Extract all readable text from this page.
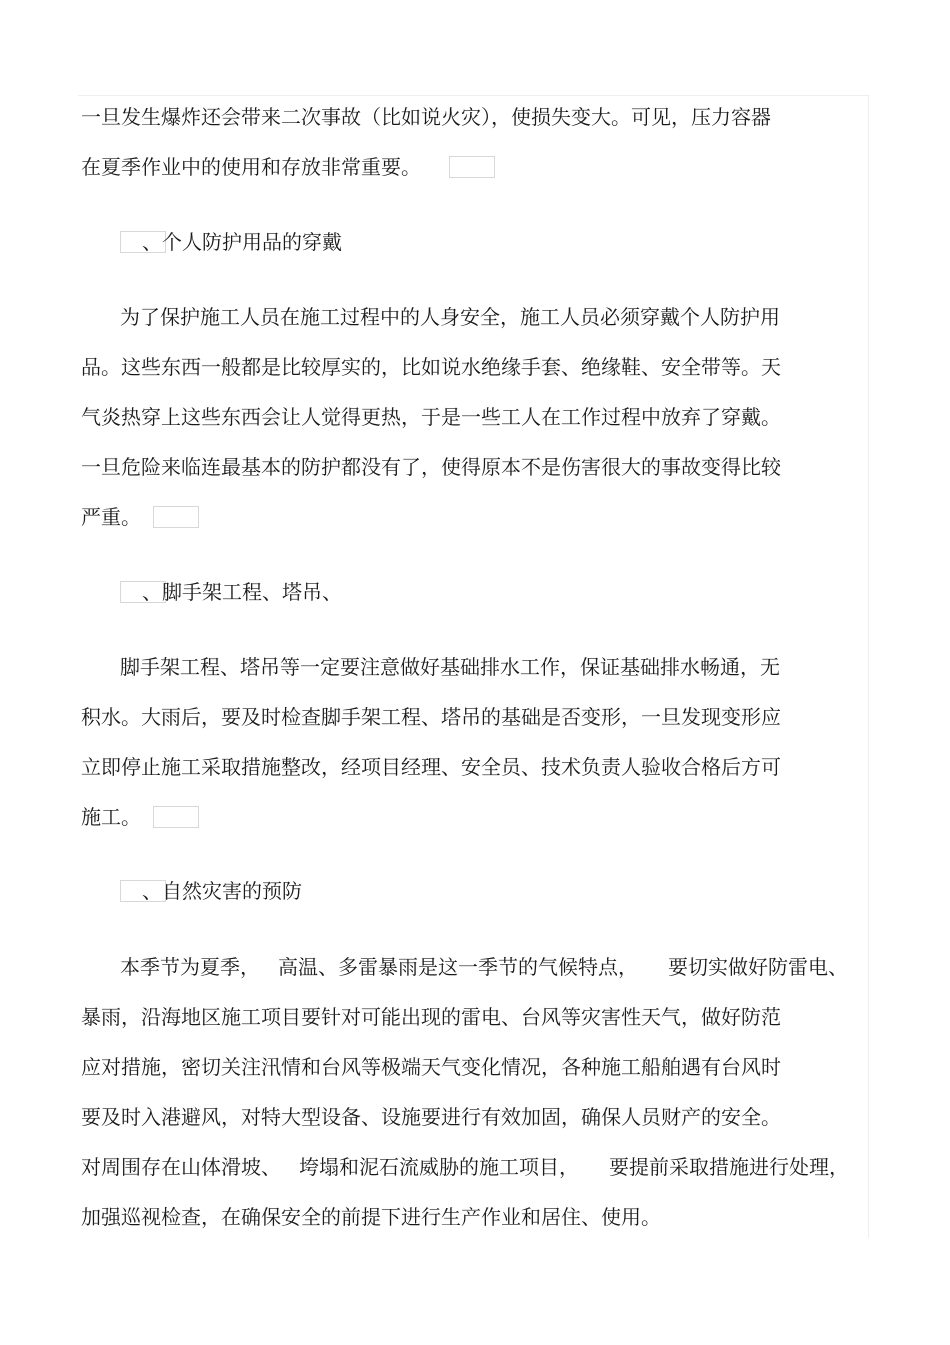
一旦发生爆炸还会带来二次事故（比如说火灾），使损失变大。可见，压力容器
在夏季作业中的使用和存放非常重要。
、个人防护用品的穿戴
为了保护施工人员在施工过程中的人身安全，施工人员必须穿戴个人防护用
品。这些东西一般都是比较厚实的，比如说水绝缘手套、绝缘鞋、安全带等。天
气炎热穿上这些东西会让人觉得更热，于是一些工人在工作过程中放弃了穿戴。
一旦危险来临连最基本的防护都没有了，使得原本不是伤害很大的事故变得比较
严重。
、脚手架工程、塔吊、
脚手架工程、塔吊等一定要注意做好基础排水工作，保证基础排水畅通，无
积水。大雨后，要及时检查脚手架工程、塔吊的基础是否变形，一旦发现变形应
立即停止施工采取措施整改，经项目经理、安全员、技术负责人验收合格后方可
施工。
、自然灾害的预防
本季节为夏季， 高温、多雷暴雨是这一季节的气候特点， 要切实做好防雷电、
暴雨，沿海地区施工项目要针对可能出现的雷电、台风等灾害性天气，做好防范
应对措施，密切关注汛情和台风等极端天气变化情况，各种施工船舶遇有台风时
要及时入港避风，对特大型设备、设施要进行有效加固，确保人员财产的安全。
对周围存在山体滑坡、 垮塌和泥石流威胁的施工项目， 要提前采取措施进行处理，
加强巡视检查，在确保安全的前提下进行生产作业和居住、使用。
